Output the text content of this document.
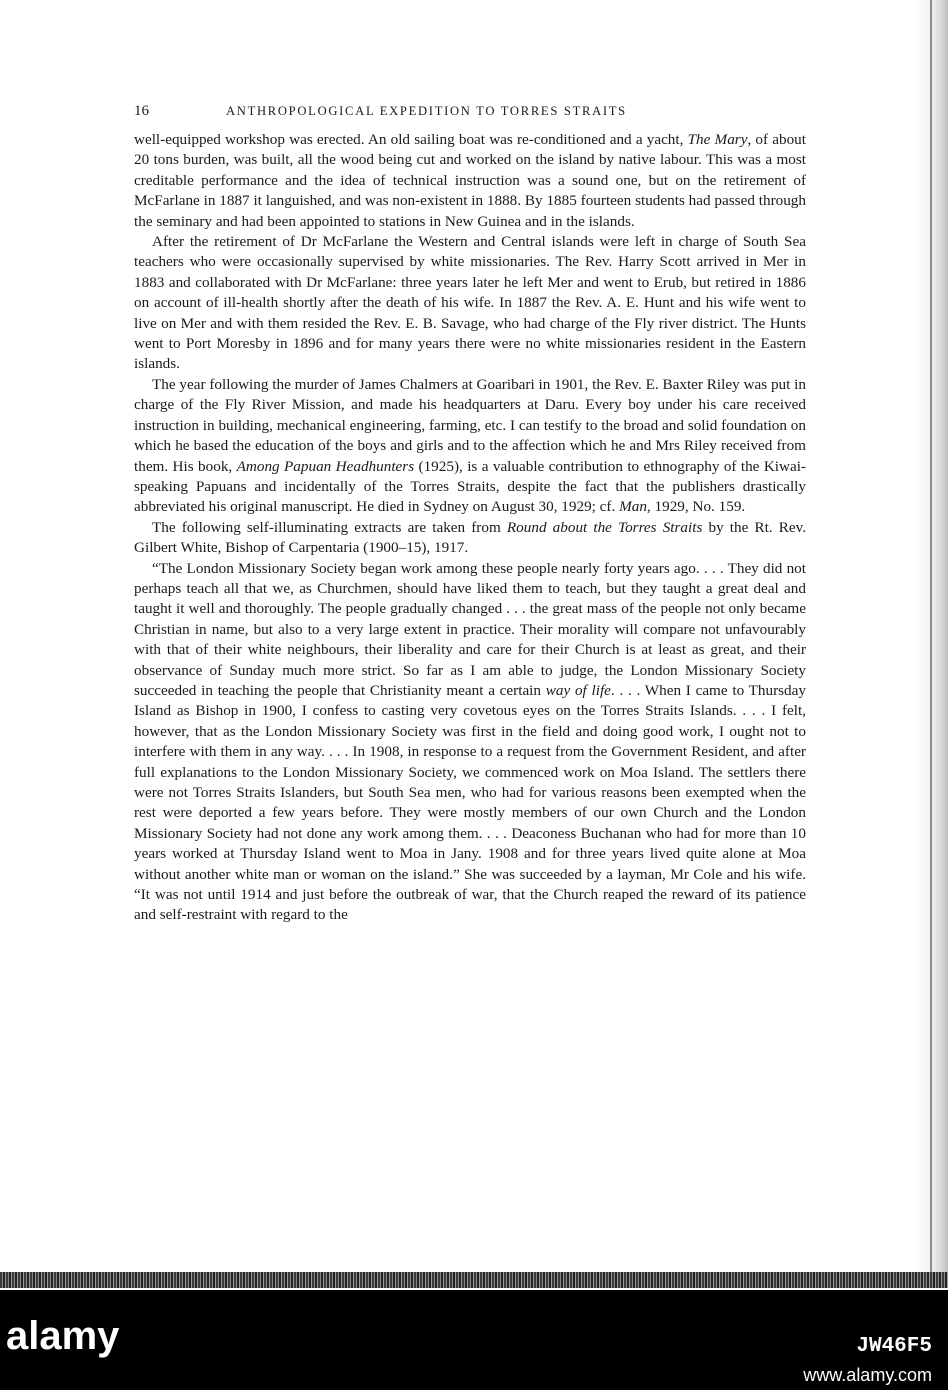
16	ANTHROPOLOGICAL EXPEDITION TO TORRES STRAITS

well-equipped workshop was erected. An old sailing boat was re-conditioned and a yacht, The Mary, of about 20 tons burden, was built, all the wood being cut and worked on the island by native labour. This was a most creditable performance and the idea of technical instruction was a sound one, but on the retirement of McFarlane in 1887 it languished, and was non-existent in 1888. By 1885 fourteen students had passed through the seminary and had been appointed to stations in New Guinea and in the islands.

After the retirement of Dr McFarlane the Western and Central islands were left in charge of South Sea teachers who were occasionally supervised by white missionaries. The Rev. Harry Scott arrived in Mer in 1883 and collaborated with Dr McFarlane: three years later he left Mer and went to Erub, but retired in 1886 on account of ill-health shortly after the death of his wife. In 1887 the Rev. A. E. Hunt and his wife went to live on Mer and with them resided the Rev. E. B. Savage, who had charge of the Fly river district. The Hunts went to Port Moresby in 1896 and for many years there were no white missionaries resident in the Eastern islands.

The year following the murder of James Chalmers at Goaribari in 1901, the Rev. E. Baxter Riley was put in charge of the Fly River Mission, and made his headquarters at Daru. Every boy under his care received instruction in building, mechanical engineering, farming, etc. I can testify to the broad and solid foundation on which he based the education of the boys and girls and to the affection which he and Mrs Riley received from them. His book, Among Papuan Headhunters (1925), is a valuable contribution to ethnography of the Kiwai-speaking Papuans and incidentally of the Torres Straits, despite the fact that the publishers drastically abbreviated his original manuscript. He died in Sydney on August 30, 1929; cf. Man, 1929, No. 159.

The following self-illuminating extracts are taken from Round about the Torres Straits by the Rt. Rev. Gilbert White, Bishop of Carpentaria (1900–15), 1917.

“The London Missionary Society began work among these people nearly forty years ago. . . . They did not perhaps teach all that we, as Churchmen, should have liked them to teach, but they taught a great deal and taught it well and thoroughly. The people gradually changed . . . the great mass of the people not only became Christian in name, but also to a very large extent in practice. Their morality will compare not unfavourably with that of their white neighbours, their liberality and care for their Church is at least as great, and their observance of Sunday much more strict. So far as I am able to judge, the London Missionary Society succeeded in teaching the people that Christianity meant a certain way of life. . . . When I came to Thursday Island as Bishop in 1900, I confess to casting very covetous eyes on the Torres Straits Islands. . . . I felt, however, that as the London Missionary Society was first in the field and doing good work, I ought not to interfere with them in any way. . . . In 1908, in response to a request from the Government Resident, and after full explanations to the London Missionary Society, we commenced work on Moa Island. The settlers there were not Torres Straits Islanders, but South Sea men, who had for various reasons been exempted when the rest were deported a few years before. They were mostly members of our own Church and the London Missionary Society had not done any work among them. . . . Deaconess Buchanan who had for more than 10 years worked at Thursday Island went to Moa in Jany. 1908 and for three years lived quite alone at Moa without another white man or woman on the island.” She was succeeded by a layman, Mr Cole and his wife. “It was not until 1914 and just before the outbreak of war, that the Church reaped the reward of its patience and self-restraint with regard to the

alamy	JW46F5
www.alamy.com
